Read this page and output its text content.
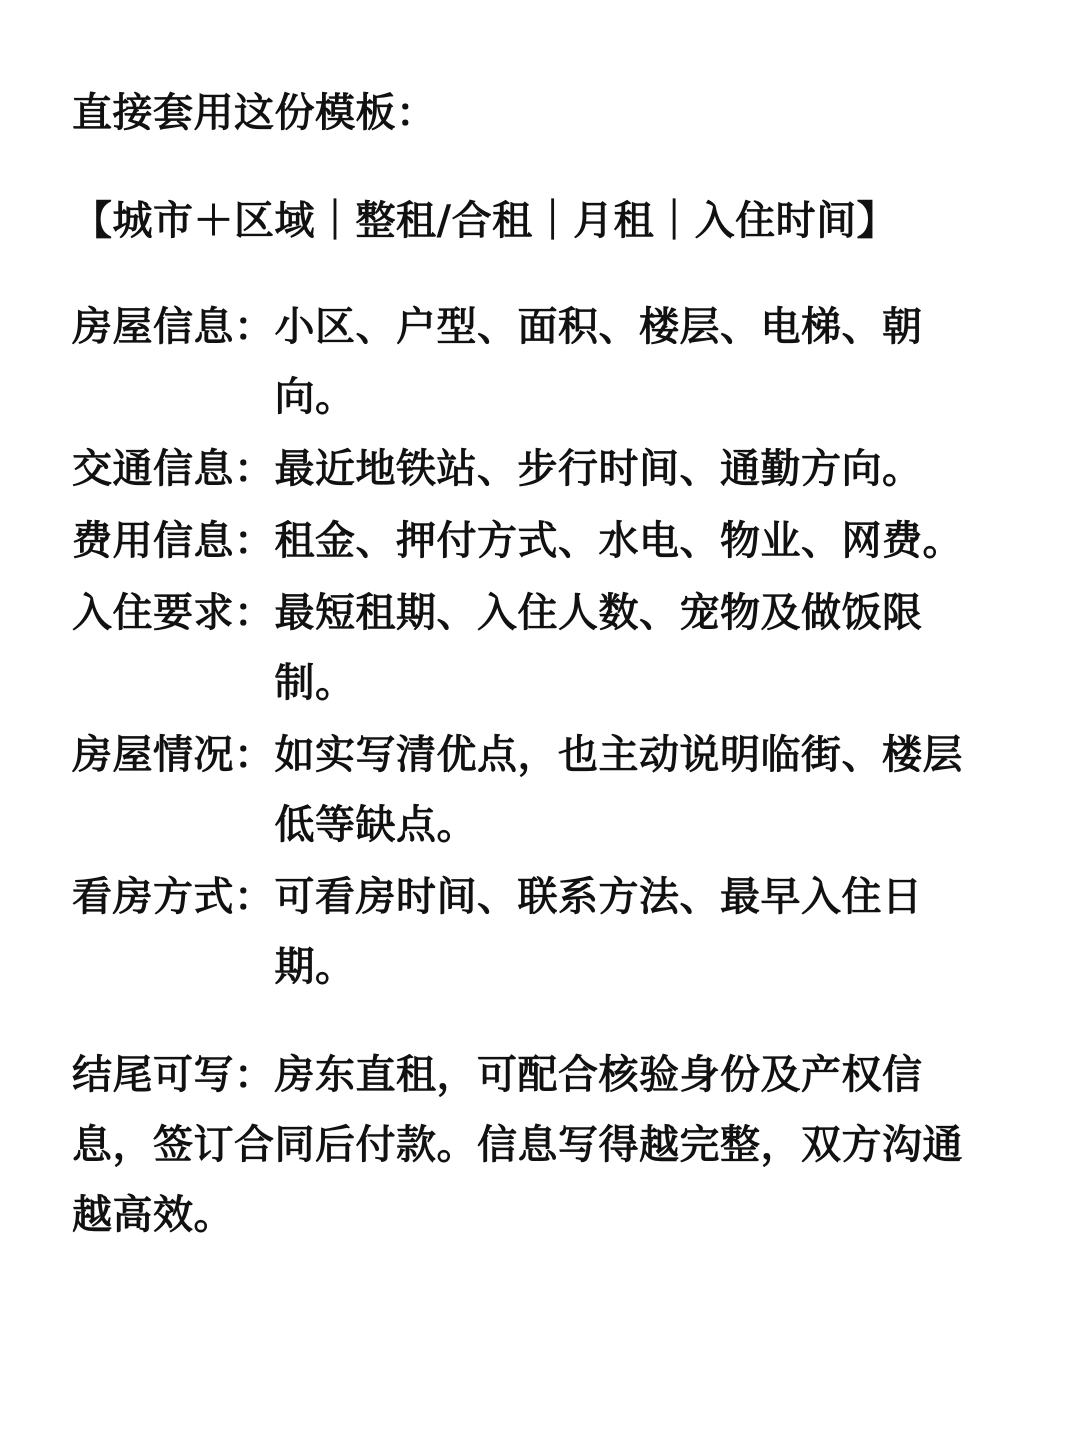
直接套用这份模板：

【城市＋区域｜整租/合租｜月租｜入住时间】

房屋信息： 小区、户型、面积、楼层、电梯、朝向。
交通信息： 最近地铁站、步行时间、通勤方向。
费用信息： 租金、押付方式、水电、物业、网费。
入住要求： 最短租期、入住人数、宠物及做饭限制。
房屋情况： 如实写清优点，也主动说明临街、楼层低等缺点。
看房方式： 可看房时间、联系方法、最早入住日期。

结尾可写：房东直租，可配合核验身份及产权信息，签订合同后付款。信息写得越完整，双方沟通越高效。
